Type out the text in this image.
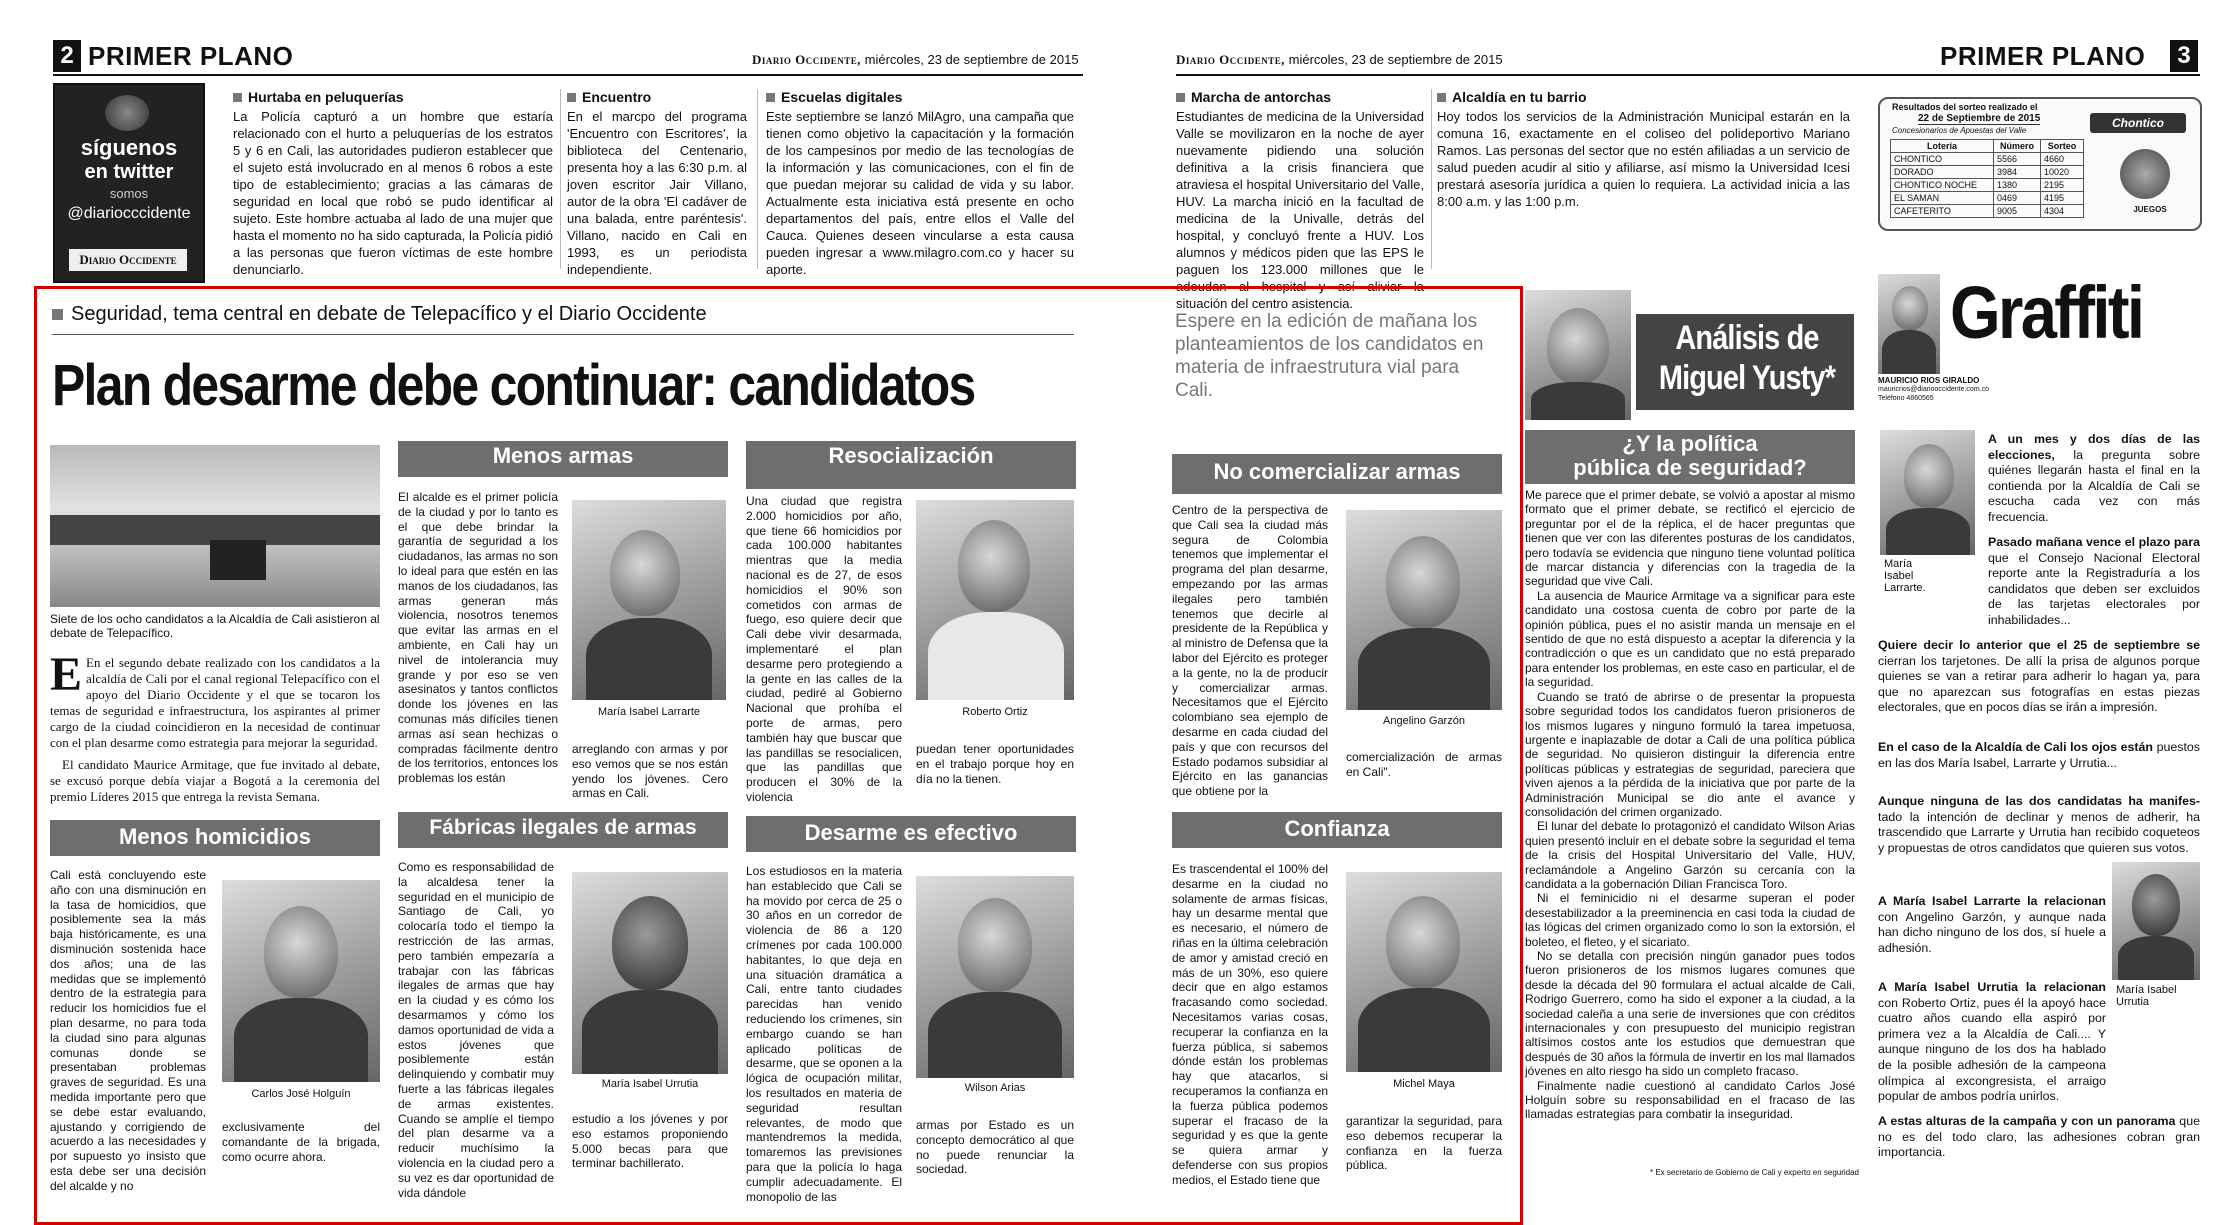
2 PRIMER PLANO	Diario Occidente, miércoles, 23 de septiembre de 2015	Diario Occidente, miércoles, 23 de septiembre de 2015	PRIMER PLANO	3
síguenos
en twitter
somos
@diariocccidente
Diario Occidente
Hurtaba en peluquerías
La Policía capturó a un hombre que estaría relacionado con el hurto a peluquerías de los estratos 5 y 6 en Cali, las autoridades pudieron establecer que el sujeto está involucrado en al menos 6 robos a este tipo de establecimiento; gracias a las cámaras de seguridad en local que robó se pudo identificar al sujeto. Este hombre actuaba al lado de una mujer que hasta el momento no ha sido capturada, la Policía pidió a las personas que fueron víctimas de este hombre denunciarlo.
Encuentro
En el marcpo del programa 'Encuentro con Escritores', la biblioteca del Centenario, presenta hoy a las 6:30 p.m. al joven escritor Jair Villano, autor de la obra 'El cadáver de una balada, entre paréntesis'. Villano, nacido en Cali en 1993, es un periodista independiente.
Escuelas digitales
Este septiembre se lanzó MilAgro, una campaña que tienen como objetivo la capacitación y la formación de los campesinos por medio de las tecnologías de la información y las comunicaciones, con el fin de que puedan mejorar su calidad de vida y su labor. Actualmente esta iniciativa está presente en ocho departamentos del país, entre ellos el Valle del Cauca. Quienes deseen vincularse a esta causa pueden ingresar a www.milagro.com.co y hacer su aporte.
Marcha de antorchas
Estudiantes de medicina de la Universidad Valle se movilizaron en la noche de ayer nuevamente pidiendo una solución definitiva a la crisis financiera que atraviesa el hospital Universitario del Valle, HUV. La marcha inició en la facultad de medicina de la Univalle, detrás del hospital, y concluyó frente a HUV. Los alumnos y médicos piden que las EPS le paguen los 123.000 millones que le adeudan al hospital y así aliviar la situación del centro asistencia.
Alcaldía en tu barrio
Hoy todos los servicios de la Administración Municipal estarán en la comuna 16, exactamente en el coliseo del polideportivo Mariano Ramos. Las personas del sector que no estén afiliadas a un servicio de salud pueden acudir al sitio y afiliarse, así mismo la Universidad Icesi prestará asesoría jurídica a quien lo requiera. La actividad inicia a las 8:00 a.m. y las 1:00 p.m.
Resultados del sorteo realizado el
22 de Septiembre de 2015
Concesionarios de Apuestas del Valle
Chontico
Lotería	Número	Sorteo
CHONTICO	5566	4660
DORADO	3984	10020
CHONTICO NOCHE	1380	2195
EL SAMAN	0469	4195
CAFETERITO	9005	4304	JUEGOS
Seguridad, tema central en debate de Telepacífico y el Diario Occidente
Plan desarme debe continuar: candidatos
Siete de los ocho candidatos a la Alcaldía de Cali asistieron al debate de Telepacífico.
E En el segundo debate realizado con los candidatos a la alcaldía de Cali por el canal regional Telepacífico con el apoyo del Diario Occidente y el que se tocaron los temas de seguridad e infraestructura, los aspirantes al primer cargo de la ciudad coincidieron en la necesidad de continuar con el plan desarme como estrategia para mejorar la seguridad.
El candidato Maurice Armitage, que fue invitado al debate, se excusó porque debía viajar a Bogotá a la ceremonia del premio Líderes 2015 que entrega la revista Semana.
Espere en la edición de mañana los planteamientos de los candidatos en materia de infraestrutura vial para Cali.
Menos armas
El alcalde es el primer policía de la ciudad y por lo tanto es el que debe brindar la garantía de seguridad a los ciudadanos, las armas no son lo ideal para que estén en las manos de los ciudadanos, las armas generan más violencia, nosotros tenemos que evitar las armas en el ambiente, en Cali hay un nivel de intolerancia muy grande y por eso se ven asesinatos y tantos conflictos donde los jóvenes en las comunas más difíciles tienen armas así sean hechizas o compradas fácilmente dentro de los territorios, entonces los problemas los están
María Isabel Larrarte
arreglando con armas y por eso vemos que se nos están yendo los jóvenes. Cero armas en Cali.
Resocialización
Una ciudad que registra 2.000 homicidios por año, que tiene 66 homicidios por cada 100.000 habitantes mientras que la media nacional es de 27, de esos homicidios el 90% son cometidos con armas de fuego, eso quiere decir que Cali debe vivir desarmada, implementaré el plan desarme pero protegiendo a la gente en las calles de la ciudad, pediré al Gobierno Nacional que prohíba el porte de armas, pero también hay que buscar que las pandillas se resocialicen, que las pandillas que producen el 30% de la violencia
Roberto Ortiz
puedan tener oportunidades en el trabajo porque hoy en día no la tienen.
No comercializar armas
Centro de la perspectiva de que Cali sea la ciudad más segura de Colombia tenemos que implementar el programa del plan desarme, empezando por las armas ilegales pero también tenemos que decirle al presidente de la República y al ministro de Defensa que la labor del Ejército es proteger a la gente, no la de producir y comercializar armas. Necesitamos que el Ejército colombiano sea ejemplo de desarme en cada ciudad del país y que con recursos del Estado podamos subsidiar al Ejército en las ganancias que obtiene por la
Angelino Garzón
comercialización de armas en Cali".
Menos homicidios
Cali está concluyendo este año con una disminución en la tasa de homicidios, que posiblemente sea la más baja históricamente, es una disminución sostenida hace dos años; una de las medidas que se implementó dentro de la estrategia para reducir los homicidios fue el plan desarme, no para toda la ciudad sino para algunas comunas donde se presentaban problemas graves de seguridad. Es una medida importante pero que se debe estar evaluando, ajustando y corrigiendo de acuerdo a las necesidades y por supuesto yo insisto que esta debe ser una decisión del alcalde y no
Carlos José Holguín
exclusivamente del comandante de la brigada, como ocurre ahora.
Fábricas ilegales de armas
Como es responsabilidad de la alcaldesa tener la seguridad en el municipio de Santiago de Cali, yo colocaría todo el tiempo la restricción de las armas, pero también empezaría a trabajar con las fábricas ilegales de armas que hay en la ciudad y es cómo los desarmamos y cómo los damos oportunidad de vida a estos jóvenes que posiblemente están delinquiendo y combatir muy fuerte a las fábricas ilegales de armas existentes. Cuando se amplíe el tiempo del plan desarme va a reducir muchísimo la violencia en la ciudad pero a su vez es dar oportunidad de vida dándole
María Isabel Urrutia
estudio a los jóvenes y por eso estamos proponiendo 5.000 becas para que terminar bachillerato.
Desarme es efectivo
Los estudiosos en la materia han establecido que Cali se ha movido por cerca de 25 o 30 años en un corredor de violencia de 86 a 120 crímenes por cada 100.000 habitantes, lo que deja en una situación dramática a Cali, entre tanto ciudades parecidas han venido reduciendo los crímenes, sin embargo cuando se han aplicado políticas de desarme, que se oponen a la lógica de ocupación militar, los resultados en materia de seguridad resultan relevantes, de modo que mantendremos la medida, tomaremos las previsiones para que la policía lo haga cumplir adecuadamente. El monopolio de las
Wilson Arias
armas por Estado es un concepto democrático al que no puede renunciar la sociedad.
Confianza
Es trascendental el 100% del desarme en la ciudad no solamente de armas físicas, hay un desarme mental que es necesario, el número de riñas en la última celebración de amor y amistad creció en más de un 30%, eso quiere decir que en algo estamos fracasando como sociedad. Necesitamos varias cosas, recuperar la confianza en la fuerza pública, si sabemos dónde están los problemas hay que atacarlos, si recuperamos la confianza en la fuerza pública podemos superar el fracaso de la seguridad y es que la gente se quiera armar y defenderse con sus propios medios, el Estado tiene que
Michel Maya
garantizar la seguridad, para eso debemos recuperar la confianza en la fuerza pública.
Análisis de
Miguel Yusty*
¿Y la política
pública de seguridad?
Me parece que el primer debate, se volvió a apostar al mismo formato que el primer debate, se rectificó el ejercicio de preguntar por el de la réplica, el de hacer preguntas que tienen que ver con las diferentes posturas de los candidatos, pero todavía se evidencia que ninguno tiene voluntad política de marcar distancia y diferencias con la tragedia de la seguridad que vive Cali.
La ausencia de Maurice Armitage va a significar para este candidato una costosa cuenta de cobro por parte de la opinión pública, pues el no asistir manda un mensaje en el sentido de que no está dispuesto a aceptar la diferencia y la contradicción o que es un candidato que no está preparado para entender los problemas, en este caso en particular, el de la seguridad.
Cuando se trató de abrirse o de presentar la propuesta sobre seguridad todos los candidatos fueron prisioneros de los mismos lugares y ninguno formuló la tarea impetuosa, urgente e inaplazable de dotar a Cali de una política pública de seguridad. No quisieron distinguir la diferencia entre políticas públicas y estrategias de seguridad, pareciera que viven ajenos a la pérdida de la iniciativa que por parte de la Administración Municipal se dio ante el avance y consolidación del crimen organizado.
El lunar del debate lo protagonizó el candidato Wilson Arias quien presentó incluir en el debate sobre la seguridad el tema de la crisis del Hospital Universitario del Valle, HUV, reclamándole a Angelino Garzón su cercanía con la candidata a la gobernación Dilian Francisca Toro.
Ni el feminicidio ni el desarme superan el poder desestabilizador a la preeminencia en casi toda la ciudad de las lógicas del crimen organizado como lo son la extorsión, el boleteo, el fleteo, y el sicariato.
No se detalla con precisión ningún ganador pues todos fueron prisioneros de los mismos lugares comunes que desde la década del 90 formulara el actual alcalde de Cali, Rodrigo Guerrero, como ha sido el exponer a la ciudad, a la sociedad caleña a una serie de inversiones que con créditos internacionales y con presupuesto del municipio registran altísimos costos ante los estudios que demuestran que después de 30 años la fórmula de invertir en los mal llamados jóvenes en alto riesgo ha sido un completo fracaso.
Finalmente nadie cuestionó al candidato Carlos José Holguín sobre su responsabilidad en el fracaso de las llamadas estrategias para combatir la inseguridad.
* Ex secretario de Gobierno de Cali y experto en seguridad
Graffiti
MAURICIO RIOS GIRALDO
mauricrios@diariooccidente.com.co
Teléfono 4860565
María Isabel Larrarte.
María Isabel Urrutia
A un mes y dos días de las elecciones, la pregunta sobre quiénes llegarán hasta el final en la contienda por la Alcaldía de Cali se escucha cada vez con más frecuencia.
Pasado mañana vence el plazo para que el Consejo Nacional Electoral reporte ante la Registraduría a los candidatos que deben ser excluidos de las tarjetas electorales por inhabilidades...
Quiere decir lo anterior que el 25 de septiembre se cierran los tarjetones. De allí la prisa de algunos porque quienes se van a retirar para adherir lo hagan ya, para que no aparezcan sus fotografías en estas piezas electorales, que en pocos días se irán a impresión.
En el caso de la Alcaldía de Cali los ojos están puestos en las dos María Isabel, Larrarte y Urrutia...
Aunque ninguna de las dos candidatas ha manifes-tado la intención de declinar y menos de adherir, ha trascendido que Larrarte y Urrutia han recibido coqueteos y propuestas de otros candidatos que quieren sus votos.
A María Isabel Larrarte la relacionan con Angelino Garzón, y aunque nada han dicho ninguno de los dos, sí huele a adhesión.
A María Isabel Urrutia la relacionan con Roberto Ortiz, pues él la apoyó hace cuatro años cuando ella aspiró por primera vez a la Alcaldía de Cali.... Y aunque ninguno de los dos ha hablado de la posible adhesión de la campeona olímpica al excongresista, el arraigo popular de ambos podría unirlos.
A estas alturas de la campaña y con un panorama que no es del todo claro, las adhesiones cobran gran importancia.
